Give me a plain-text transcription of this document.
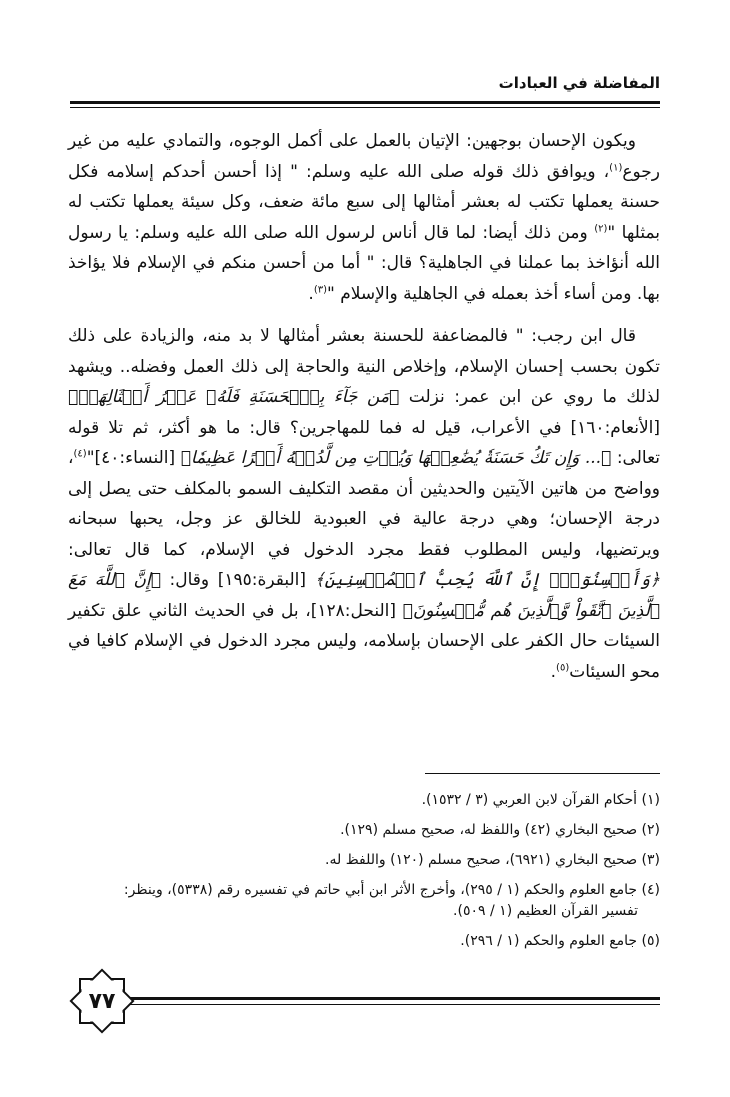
المفاضلة في العبادات

ويكون الإحسان بوجهين: الإتيان بالعمل على أكمل الوجوه، والتمادي عليه من غير رجوع$^{(١)}$، ويوافق ذلك قوله صلى الله عليه وسلم: " إذا أحسن أحدكم إسلامه فكل حسنة يعملها تكتب له بعشر أمثالها إلى سبع مائة ضعف، وكل سيئة يعملها تكتب له بمثلها "$^{(٢)}$ ومن ذلك أيضا: لما قال أناس لرسول الله صلى الله عليه وسلم: يا رسول الله أنؤاخذ بما عملنا في الجاهلية؟ قال: " أما من أحسن منكم في الإسلام فلا يؤاخذ بها. ومن أساء أخذ بعمله في الجاهلية والإسلام "$^{(٣)}$.

قال ابن رجب: " فالمضاعفة للحسنة بعشر أمثالها لا بد منه، والزيادة على ذلك تكون بحسب إحسان الإسلام، وإخلاص النية والحاجة إلى ذلك العمل وفضله.. ويشهد لذلك ما روي عن ابن عمر: نزلت ﴿مَن جَآءَ بِٱلۡحَسَنَةِ فَلَهُۥ عَشۡرُ أَمۡثَالِهَاۖ﴾ [الأنعام:١٦٠] في الأعراب، قيل له فما للمهاجرين؟ قال: ما هو أكثر، ثم تلا قوله تعالى: ﴿... وَإِن تَكُ حَسَنَةٗ يُضَٰعِفۡهَا وَيُؤۡتِ مِن لَّدُنۡهُ أَجۡرًا عَظِيمٗا﴾ [النساء:٤٠]"$^{(٤)}$، وواضح من هاتين الآيتين والحديثين أن مقصد التكليف السمو بالمكلف حتى يصل إلى درجة الإحسان؛ وهي درجة عالية في العبودية للخالق عز وجل، يحبها سبحانه ويرتضيها، وليس المطلوب فقط مجرد الدخول في الإسلام، كما قال تعالى: ﴿وَأَحۡسِنُوٓاْۚ إِنَّ ٱللَّهَ يُحِبُّ ٱلۡمُحۡسِنِينَ﴾ [البقرة:١٩٥] وقال: ﴿إِنَّ ٱللَّهَ مَعَ ٱلَّذِينَ ٱتَّقَواْ وَّٱلَّذِينَ هُم مُّحۡسِنُونَ﴾ [النحل:١٢٨]، بل في الحديث الثاني علق تكفير السيئات حال الكفر على الإحسان بإسلامه، وليس مجرد الدخول في الإسلام كافيا في محو السيئات$^{(٥)}$.

(١) أحكام القرآن لابن العربي (٣ / ١٥٣٢).
(٢) صحيح البخاري (٤٢) واللفظ له، صحيح مسلم (١٢٩).
(٣) صحيح البخاري (٦٩٢١)، صحيح مسلم (١٢٠) واللفظ له.
(٤) جامع العلوم والحكم (١ / ٢٩٥)، وأخرج الأثر ابن أبي حاتم في تفسيره رقم (٥٣٣٨)، وينظر:
تفسير القرآن العظيم (١ / ٥٠٩).
(٥) جامع العلوم والحكم (١ / ٢٩٦).
٧٧
